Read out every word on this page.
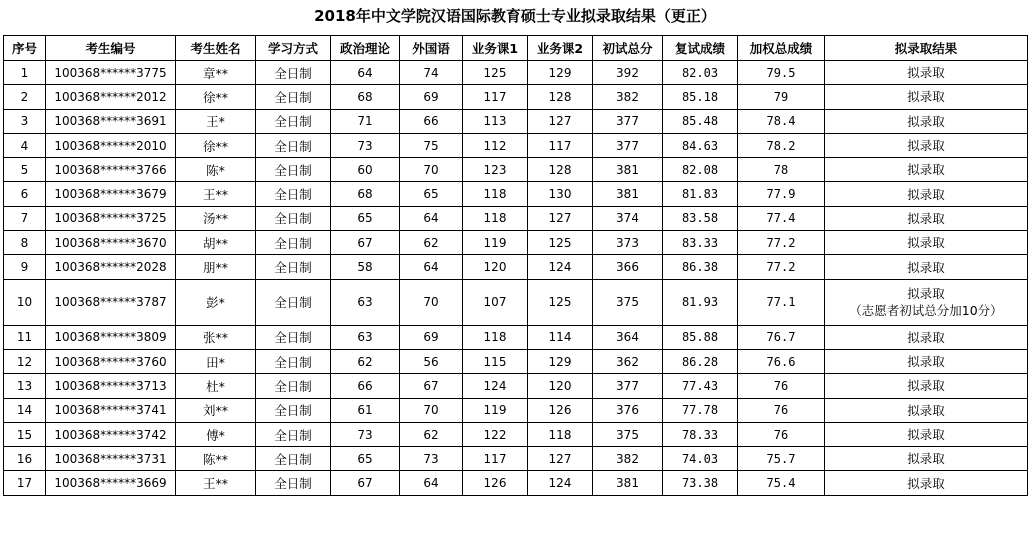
2018年中文学院汉语国际教育硕士专业拟录取结果（更正）
序号	考生编号	考生姓名	学习方式	政治理论	外国语	业务课1	业务课2	初试总分	复试成绩	加权总成绩	拟录取结果
1	100368******3775	章**	全日制	64	74	125	129	392	82.03	79.5	拟录取

2	100368******2012	徐**	全日制	68	69	117	128	382	85.18	79	拟录取

3	100368******3691	王*	全日制	71	66	113	127	377	85.48	78.4	拟录取

4	100368******2010	徐**	全日制	73	75	112	117	377	84.63	78.2	拟录取

5	100368******3766	陈*	全日制	60	70	123	128	381	82.08	78	拟录取

6	100368******3679	王**	全日制	68	65	118	130	381	81.83	77.9	拟录取

7	100368******3725	汤**	全日制	65	64	118	127	374	83.58	77.4	拟录取

8	100368******3670	胡**	全日制	67	62	119	125	373	83.33	77.2	拟录取

9	100368******2028	朋**	全日制	58	64	120	124	366	86.38	77.2	拟录取

10	100368******3787	彭*	全日制	63	70	107	125	375	81.93	77.1	拟录取
（志愿者初试总分加10分）

11	100368******3809	张**	全日制	63	69	118	114	364	85.88	76.7	拟录取

12	100368******3760	田*	全日制	62	56	115	129	362	86.28	76.6	拟录取

13	100368******3713	杜*	全日制	66	67	124	120	377	77.43	76	拟录取

14	100368******3741	刘**	全日制	61	70	119	126	376	77.78	76	拟录取

15	100368******3742	傅*	全日制	73	62	122	118	375	78.33	76	拟录取

16	100368******3731	陈**	全日制	65	73	117	127	382	74.03	75.7	拟录取

17	100368******3669	王**	全日制	67	64	126	124	381	73.38	75.4	拟录取
